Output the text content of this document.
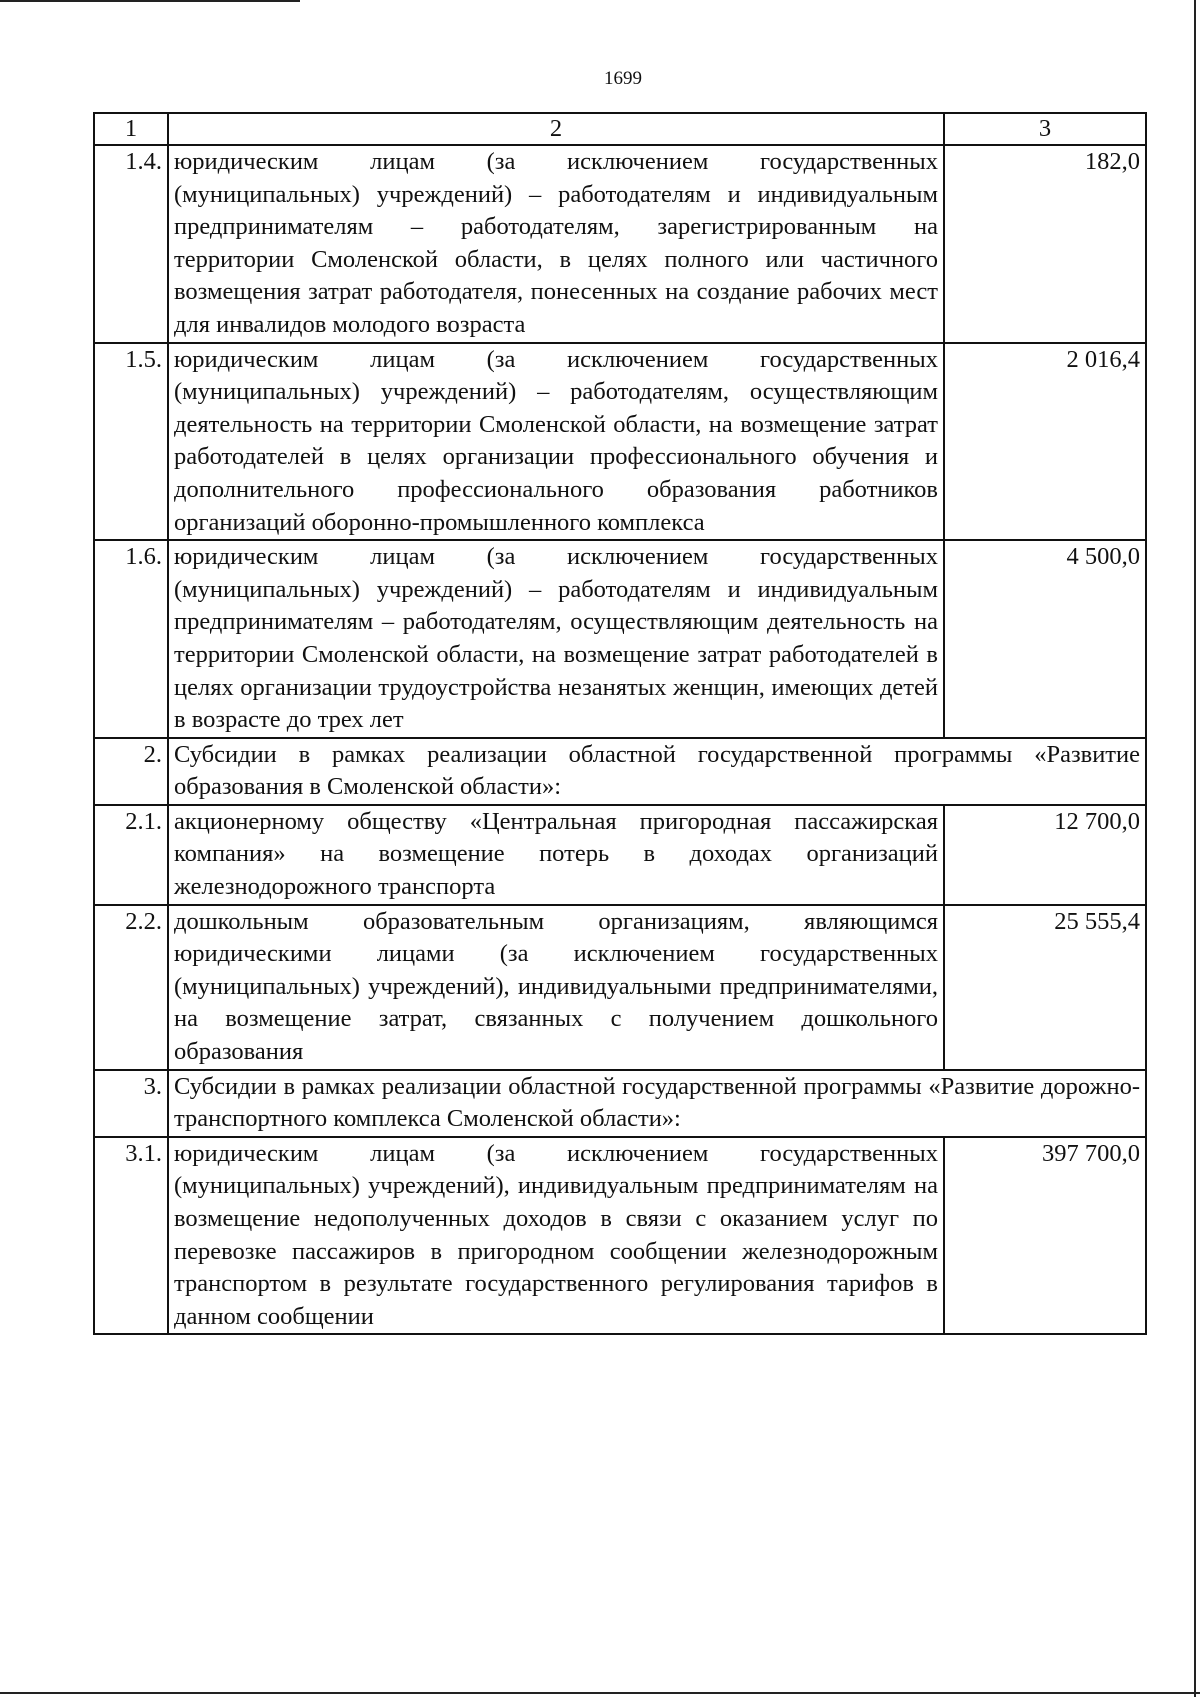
1699
1	2	3
1.4.	юридическим лицам (за исключением государственных (муниципальных) учреждений) – работодателям и индивидуальным предпринимателям – работодателям, зарегистрированным на территории Смоленской области, в целях полного или частичного возмещения затрат работодателя, понесенных на создание рабочих мест для инвалидов молодого возраста	182,0
1.5.	юридическим лицам (за исключением государственных (муниципальных) учреждений) – работодателям, осуществляющим деятельность на территории Смоленской области, на возмещение затрат работодателей в целях организации профессионального обучения и дополнительного профессионального образования работников организаций оборонно-промышленного комплекса	2 016,4
1.6.	юридическим лицам (за исключением государственных (муниципальных) учреждений) – работодателям и индивидуальным предпринимателям – работодателям, осуществляющим деятельность на территории Смоленской области, на возмещение затрат работодателей в целях организации трудоустройства незанятых женщин, имеющих детей в возрасте до трех лет	4 500,0
2.	Субсидии в рамках реализации областной государственной программы «Развитие образования в Смоленской области»:	
2.1.	акционерному обществу «Центральная пригородная пассажирская компания» на возмещение потерь в доходах организаций железнодорожного транспорта	12 700,0
2.2.	дошкольным образовательным организациям, являющимся юридическими лицами (за исключением государственных (муниципальных) учреждений), индивидуальными предпринимателями, на возмещение затрат, связанных с получением дошкольного образования	25 555,4
3.	Субсидии в рамках реализации областной государственной программы «Развитие дорожно-транспортного комплекса Смоленской области»:	
3.1.	юридическим лицам (за исключением государственных (муниципальных) учреждений), индивидуальным предпринимателям на возмещение недополученных доходов в связи с оказанием услуг по перевозке пассажиров в пригородном сообщении железнодорожным транспортом в результате государственного регулирования тарифов в данном сообщении	397 700,0
